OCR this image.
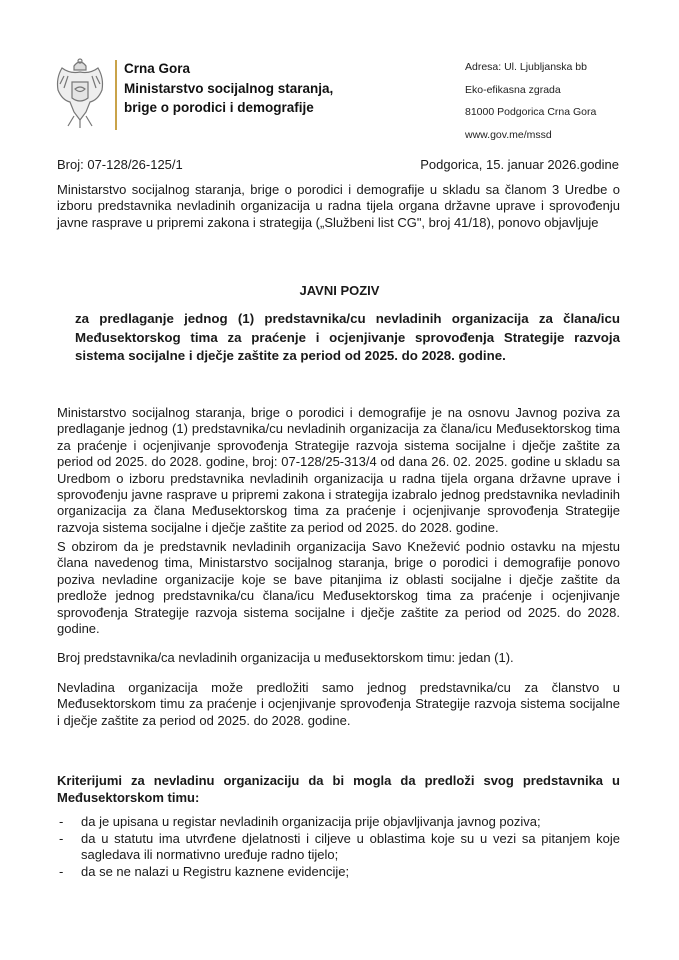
Crna Gora
Ministarstvo socijalnog staranja,
brige o porodici i demografije
Adresa: Ul. Ljubljanska bb
Eko-efikasna zgrada
81000 Podgorica Crna Gora
www.gov.me/mssd
Broj: 07-128/26-125/1	Podgorica, 15. januar 2026.godine

Ministarstvo socijalnog staranja, brige o porodici i demografije u skladu sa članom 3 Uredbe o izboru predstavnika nevladinih organizacija u radna tijela organa državne uprave i sprovođenju javne rasprave u pripremi zakona i strategija („Službeni list CG", broj 41/18), ponovo objavljuje

JAVNI POZIV

za predlaganje jednog (1) predstavnika/cu nevladinih organizacija za člana/icu Međusektorskog tima za praćenje i ocjenjivanje sprovođenja Strategije razvoja sistema socijalne i dječje zaštite za period od 2025. do 2028. godine.

Ministarstvo socijalnog staranja, brige o porodici i demografije je na osnovu Javnog poziva za predlaganje jednog (1) predstavnika/cu nevladinih organizacija za člana/icu Međusektorskog tima za praćenje i ocjenjivanje sprovođenja Strategije razvoja sistema socijalne i dječje zaštite za period od 2025. do 2028. godine, broj: 07-128/25-313/4 od dana 26. 02. 2025. godine u skladu sa Uredbom o izboru predstavnika nevladinih organizacija u radna tijela organa državne uprave i sprovođenju javne rasprave u pripremi zakona i strategija izabralo jednog predstavnika nevladinih organizacija za člana Međusektorskog tima za praćenje i ocjenjivanje sprovođenja Strategije razvoja sistema socijalne i dječje zaštite za period od 2025. do 2028. godine.

S obzirom da je predstavnik nevladinih organizacija Savo Knežević podnio ostavku na mjestu člana navedenog tima, Ministarstvo socijalnog staranja, brige o porodici i demografije ponovo poziva nevladine organizacije koje se bave pitanjima iz oblasti socijalne i dječje zaštite da predlože jednog predstavnika/cu člana/icu Međusektorskog tima za praćenje i ocjenjivanje sprovođenja Strategije razvoja sistema socijalne i dječje zaštite za period od 2025. do 2028. godine.

Broj predstavnika/ca nevladinih organizacija u međusektorskom timu: jedan (1).

Nevladina organizacija može predložiti samo jednog predstavnika/cu za članstvo u Međusektorskom timu za praćenje i ocjenjivanje sprovođenja Strategije razvoja sistema socijalne i dječje zaštite za period od 2025. do 2028. godine.

Kriterijumi za nevladinu organizaciju da bi mogla da predloži svog predstavnika u Međusektorskom timu:

- da je upisana u registar nevladinih organizacija prije objavljivanja javnog poziva;
- da u statutu ima utvrđene djelatnosti i ciljeve u oblastima koje su u vezi sa pitanjem koje sagledava ili normativno uređuje radno tijelo;
- da se ne nalazi u Registru kaznene evidencije;
